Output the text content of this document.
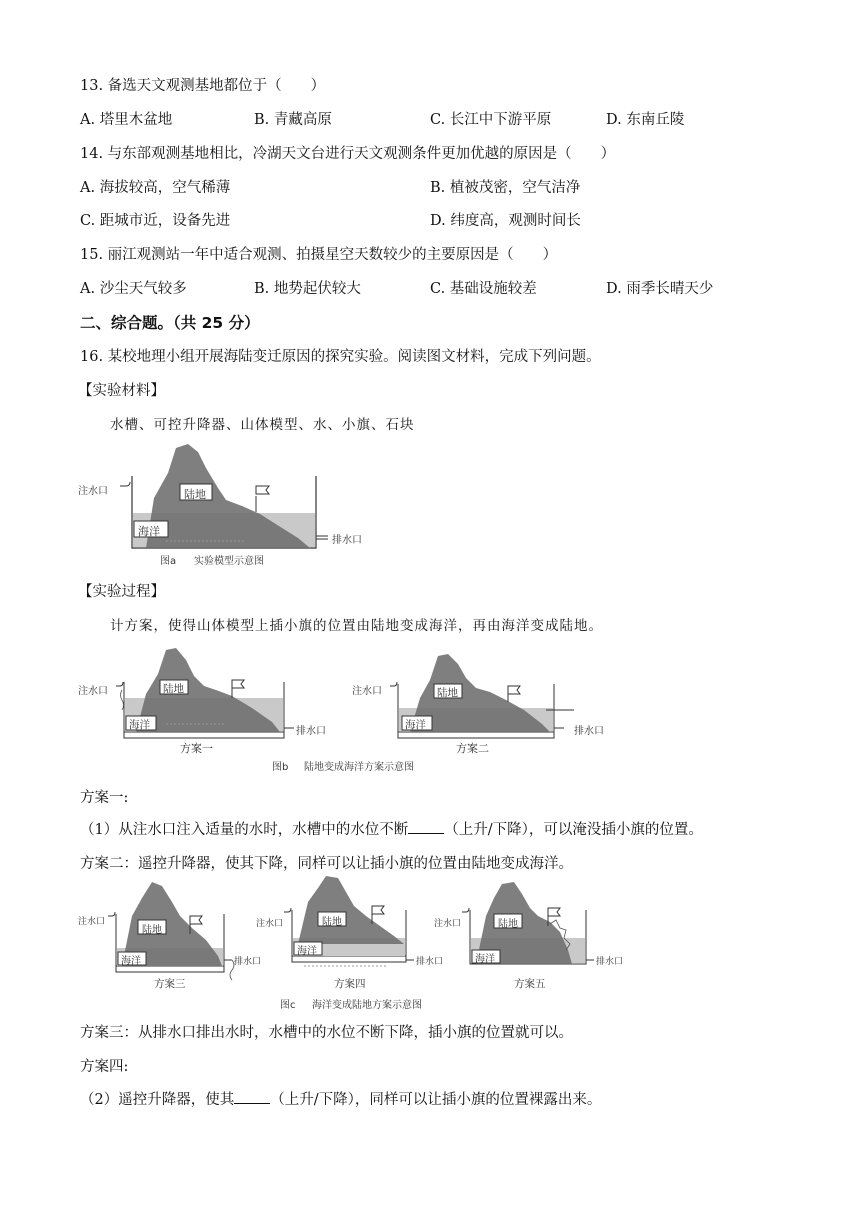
13. 备选天文观测基地都位于（　　）
A. 塔里木盆地	B. 青藏高原	C. 长江中下游平原	D. 东南丘陵
14. 与东部观测基地相比，冷湖天文台进行天文观测条件更加优越的原因是（　　）
A. 海拔较高，空气稀薄	B. 植被茂密，空气洁净
C. 距城市近，设备先进	D. 纬度高，观测时间长
15. 丽江观测站一年中适合观测、拍摄星空天数较少的主要原因是（　　）
A. 沙尘天气较多	B. 地势起伏较大	C. 基础设施较差	D. 雨季长晴天少
二、综合题。（共 25 分）
16. 某校地理小组开展海陆变迁原因的探究实验。阅读图文材料，完成下列问题。
【实验材料】
水槽、可控升降器、山体模型、水、小旗、石块
注水口
排水口
陆地
海洋
图a 实验模型示意图
【实验过程】
计方案，使得山体模型上插小旗的位置由陆地变成海洋，再由海洋变成陆地。
注水口
排水口
陆地
海洋
方案一
注水口
排水口
陆地
海洋
方案二
图b 陆地变成海洋方案示意图
方案一:
（1）从注水口注入适量的水时，水槽中的水位不断 （上升/下降），可以淹没插小旗的位置。
方案二：遥控升降器，使其下降，同样可以让插小旗的位置由陆地变成海洋。
注水口
排水口
陆地
海洋
方案三
注水口
排水口
陆地
海洋
方案四
注水口
排水口
陆地
海洋
方案五
图c 海洋变成陆地方案示意图
方案三：从排水口排出水时，水槽中的水位不断下降，插小旗的位置就可以。
方案四:
（2）遥控升降器，使其 （上升/下降），同样可以让插小旗的位置裸露出来。
